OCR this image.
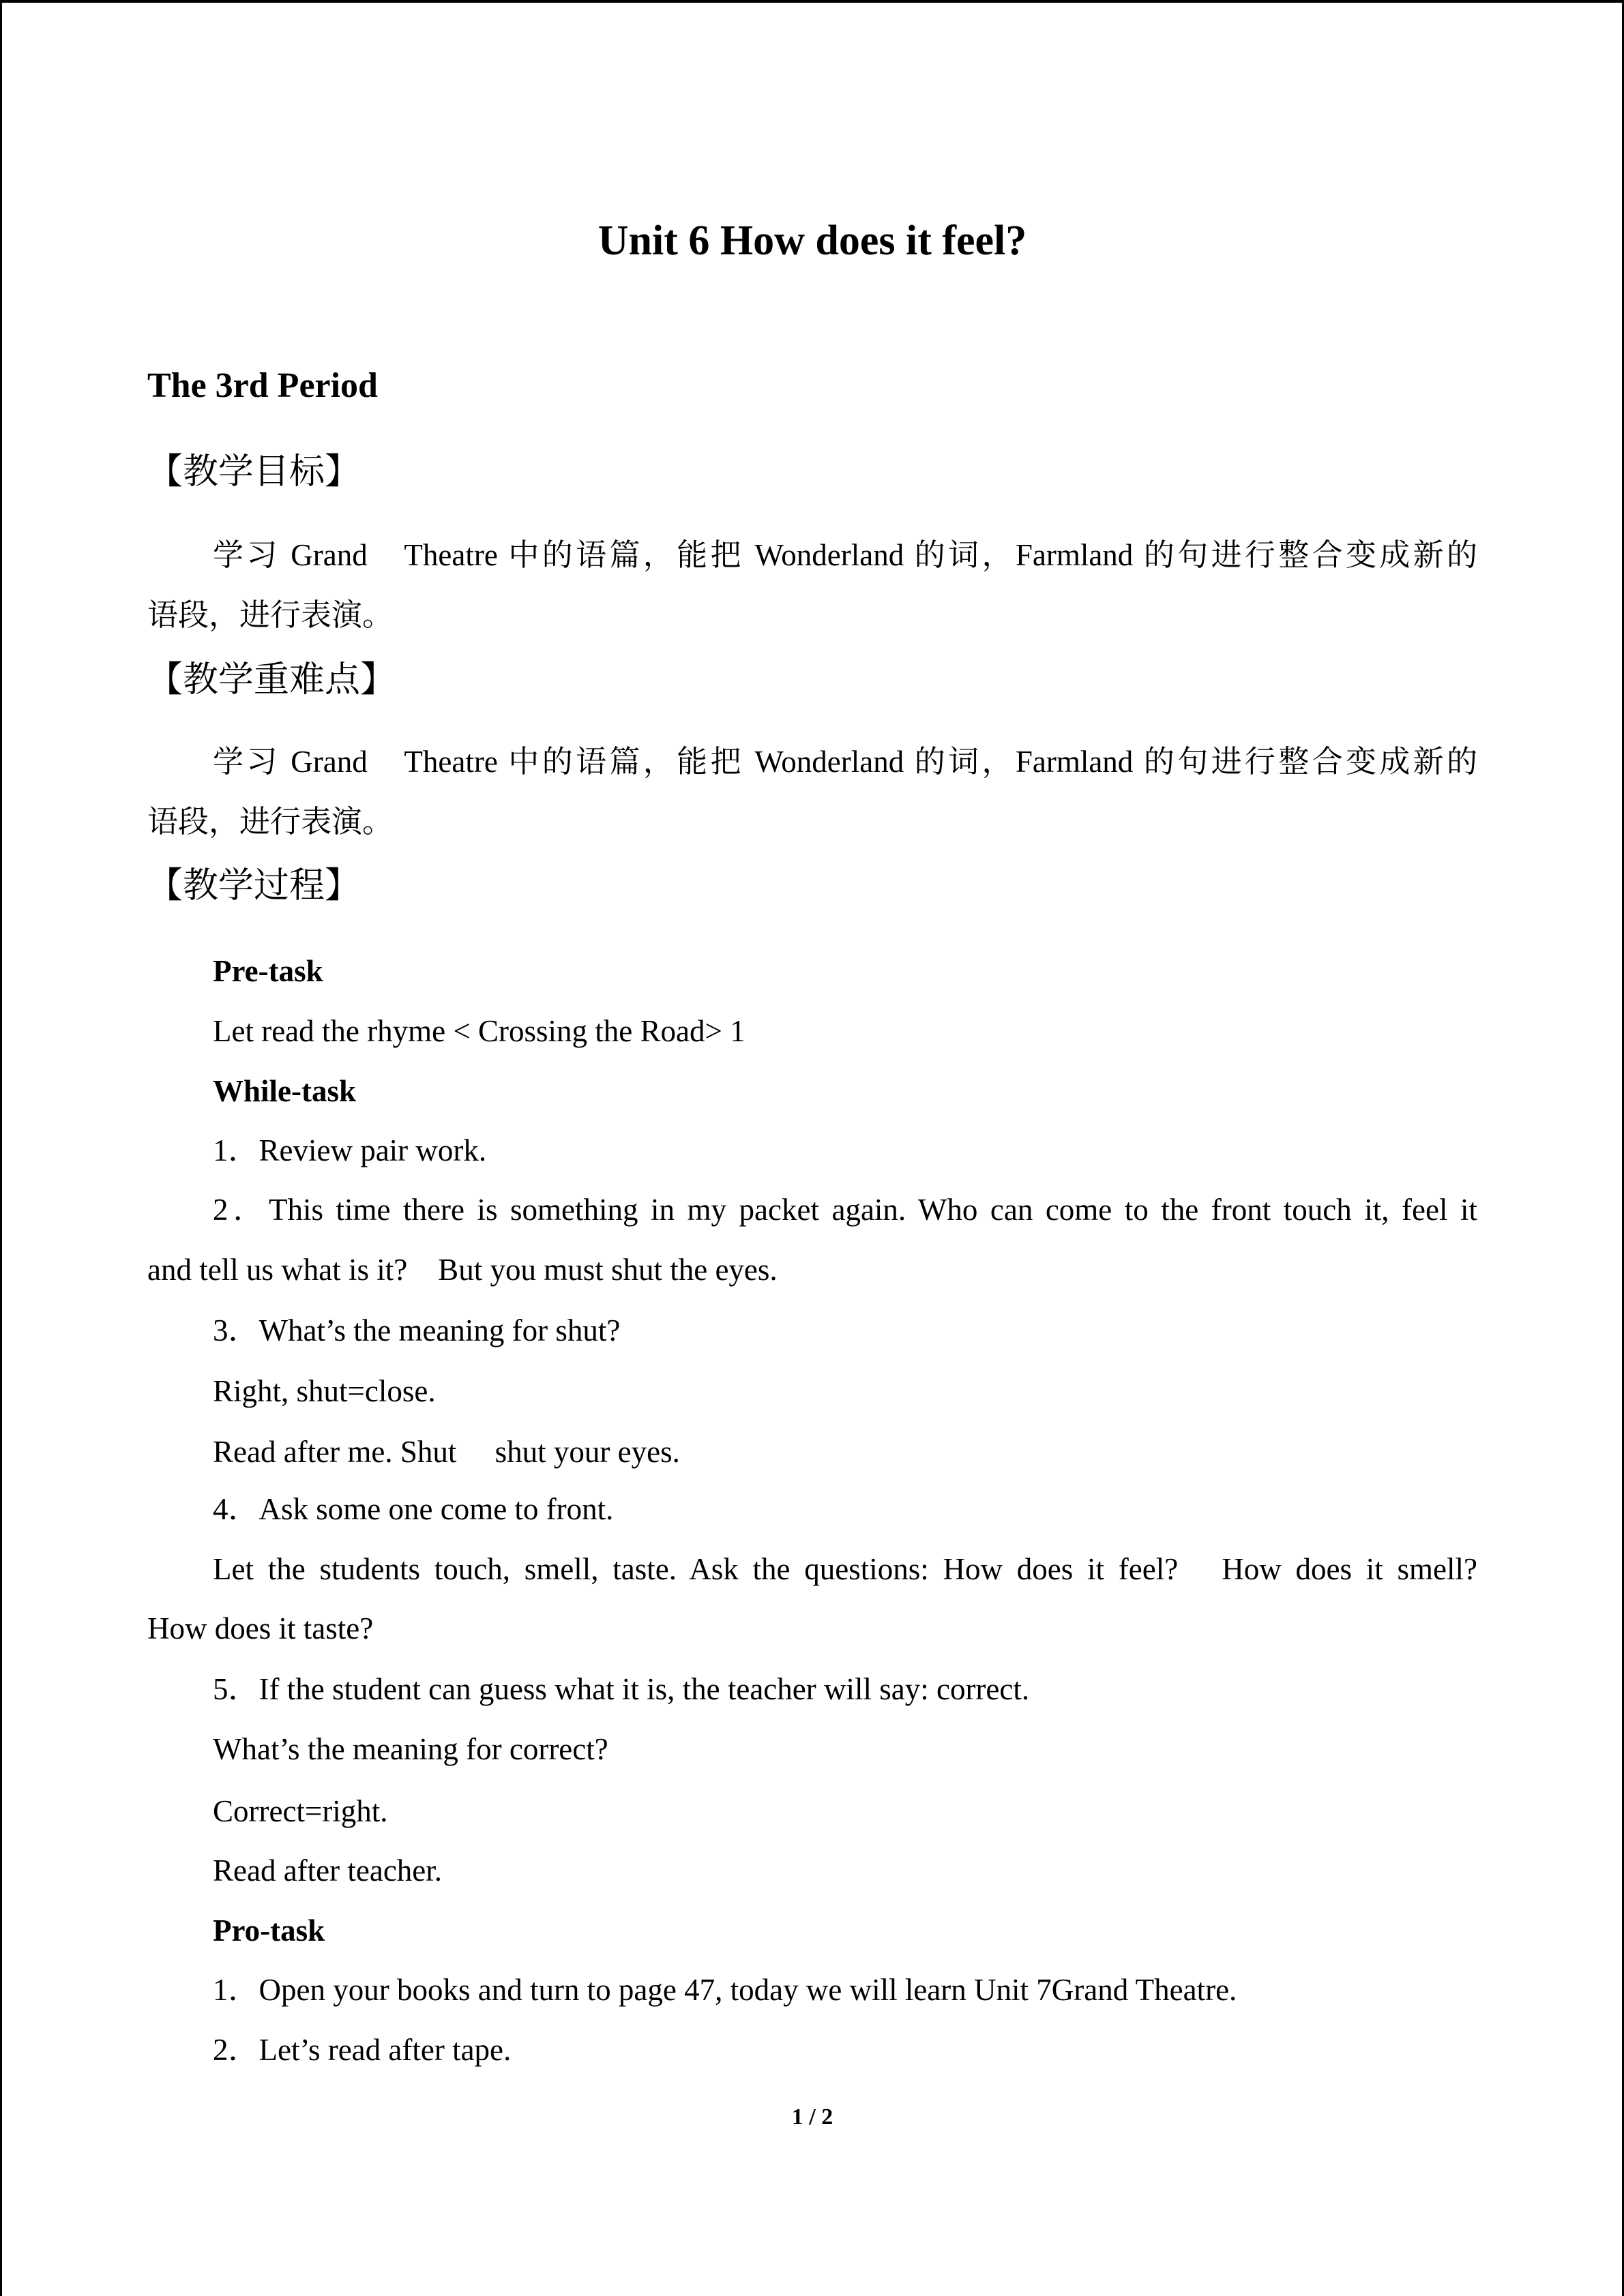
Unit 6 How does it feel?
The 3rd Period
【教学目标】
学习 Grand　Theatre 中的语篇，能把 Wonderland 的词，Farmland 的句进行整合变成新的
语段，进行表演。
【教学重难点】
学习 Grand　Theatre 中的语篇，能把 Wonderland 的词，Farmland 的句进行整合变成新的
语段，进行表演。
【教学过程】
Pre-task
Let read the rhyme < Crossing the Road> 1
While-task
1．Review pair work.
2．This time there is something in my packet again. Who can come to the front touch it, feel it
and tell us what is it?　But you must shut the eyes.
3．What’s the meaning for shut?
Right, shut=close.
Read after me. Shut　 shut your eyes.
4．Ask some one come to front.
Let the students touch, smell, taste. Ask the questions: How does it feel?　How does it smell?
How does it taste?
5．If the student can guess what it is, the teacher will say: correct.
What’s the meaning for correct?
Correct=right.
Read after teacher.
Pro-task
1．Open your books and turn to page 47, today we will learn Unit 7Grand Theatre.
2．Let’s read after tape.
1 / 2
